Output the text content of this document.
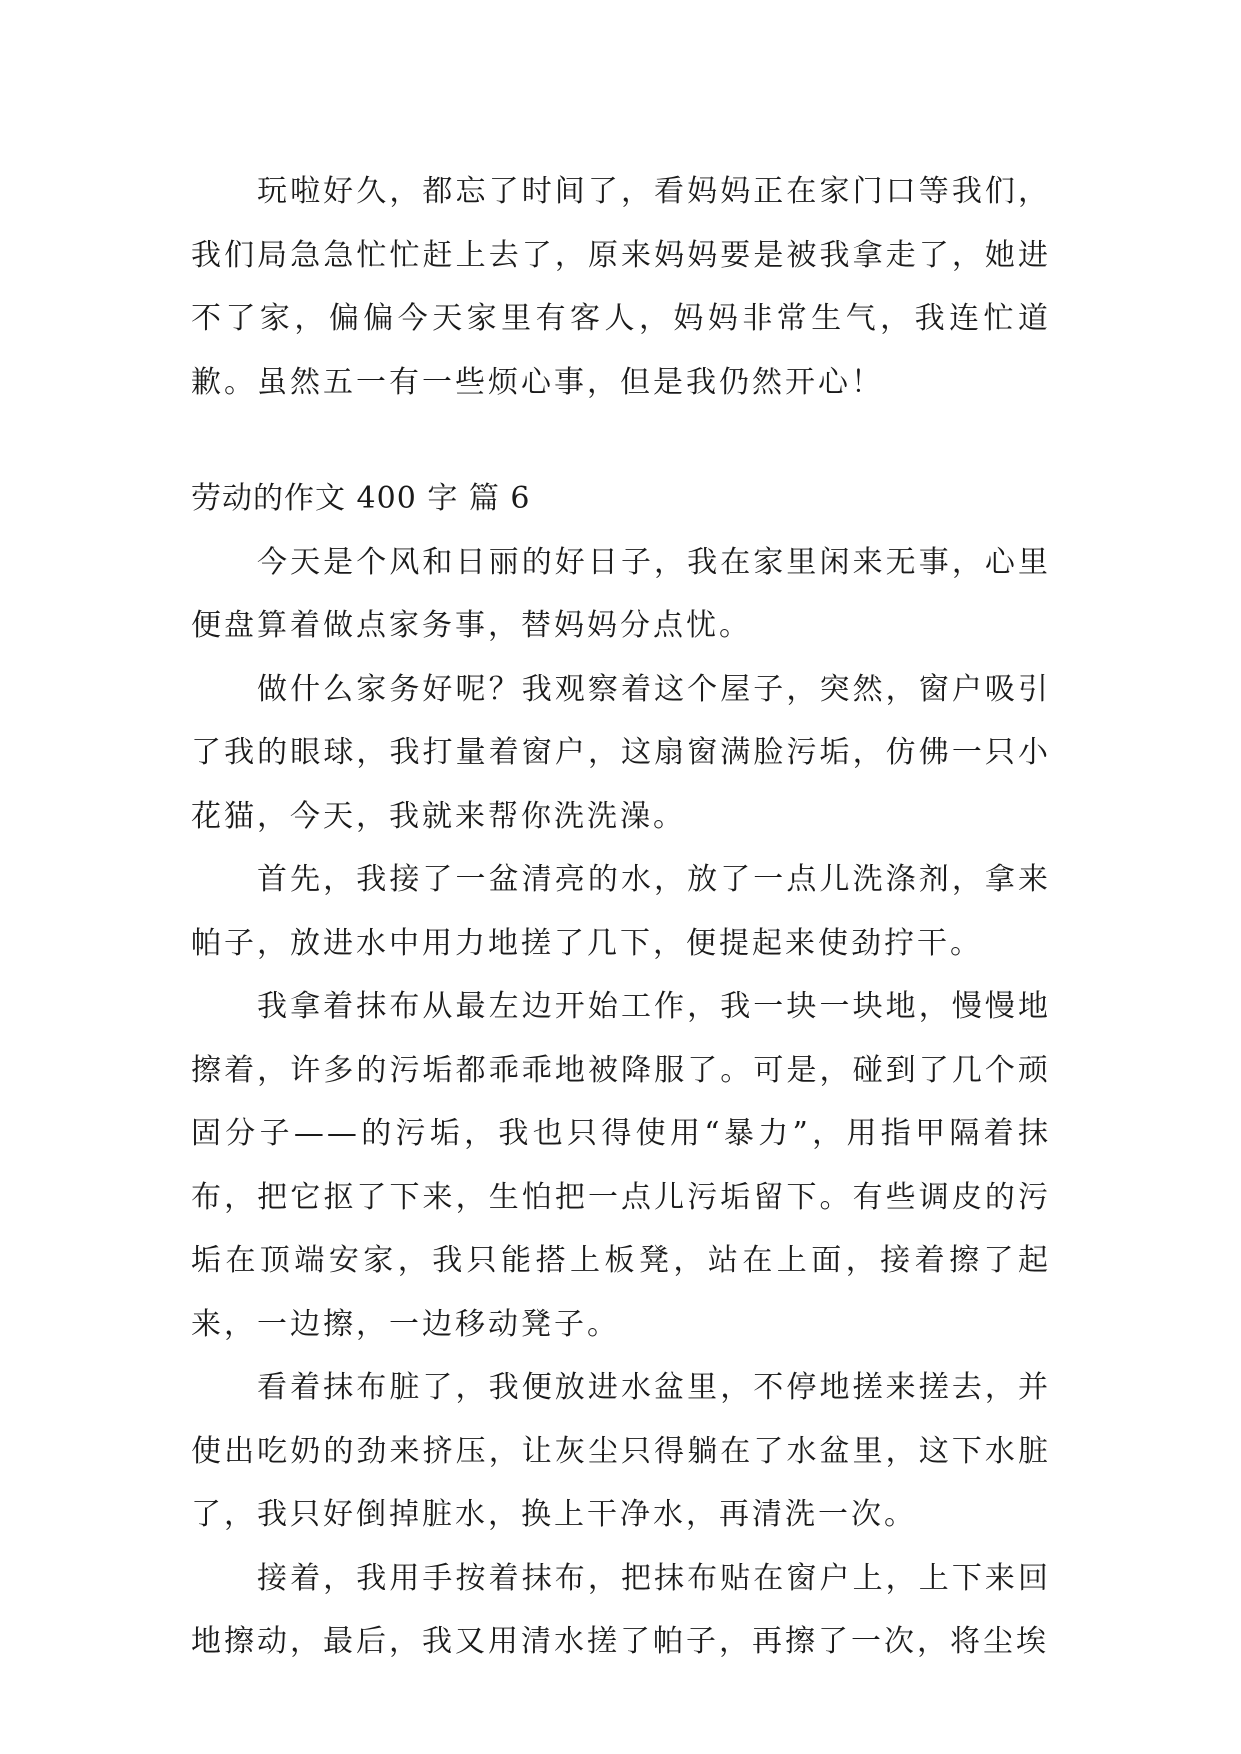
玩啦好久，都忘了时间了，看妈妈正在家门口等我们，我们局急急忙忙赶上去了，原来妈妈要是被我拿走了，她进不了家，偏偏今天家里有客人，妈妈非常生气，我连忙道歉。虽然五一有一些烦心事，但是我仍然开心！

劳动的作文 400 字 篇 6

今天是个风和日丽的好日子，我在家里闲来无事，心里便盘算着做点家务事，替妈妈分点忧。

做什么家务好呢？我观察着这个屋子，突然，窗户吸引了我的眼球，我打量着窗户，这扇窗满脸污垢，仿佛一只小花猫，今天，我就来帮你洗洗澡。

首先，我接了一盆清亮的水，放了一点儿洗涤剂，拿来帕子，放进水中用力地搓了几下，便提起来使劲拧干。

我拿着抹布从最左边开始工作，我一块一块地，慢慢地擦着，许多的污垢都乖乖地被降服了。可是，碰到了几个顽固分子——的污垢，我也只得使用“暴力”，用指甲隔着抹布，把它抠了下来，生怕把一点儿污垢留下。有些调皮的污垢在顶端安家，我只能搭上板凳，站在上面，接着擦了起来，一边擦，一边移动凳子。

看着抹布脏了，我便放进水盆里，不停地搓来搓去，并使出吃奶的劲来挤压，让灰尘只得躺在了水盆里，这下水脏了，我只好倒掉脏水，换上干净水，再清洗一次。

接着，我用手按着抹布，把抹布贴在窗户上，上下来回地擦动，最后，我又用清水搓了帕子，再擦了一次，将尘埃
